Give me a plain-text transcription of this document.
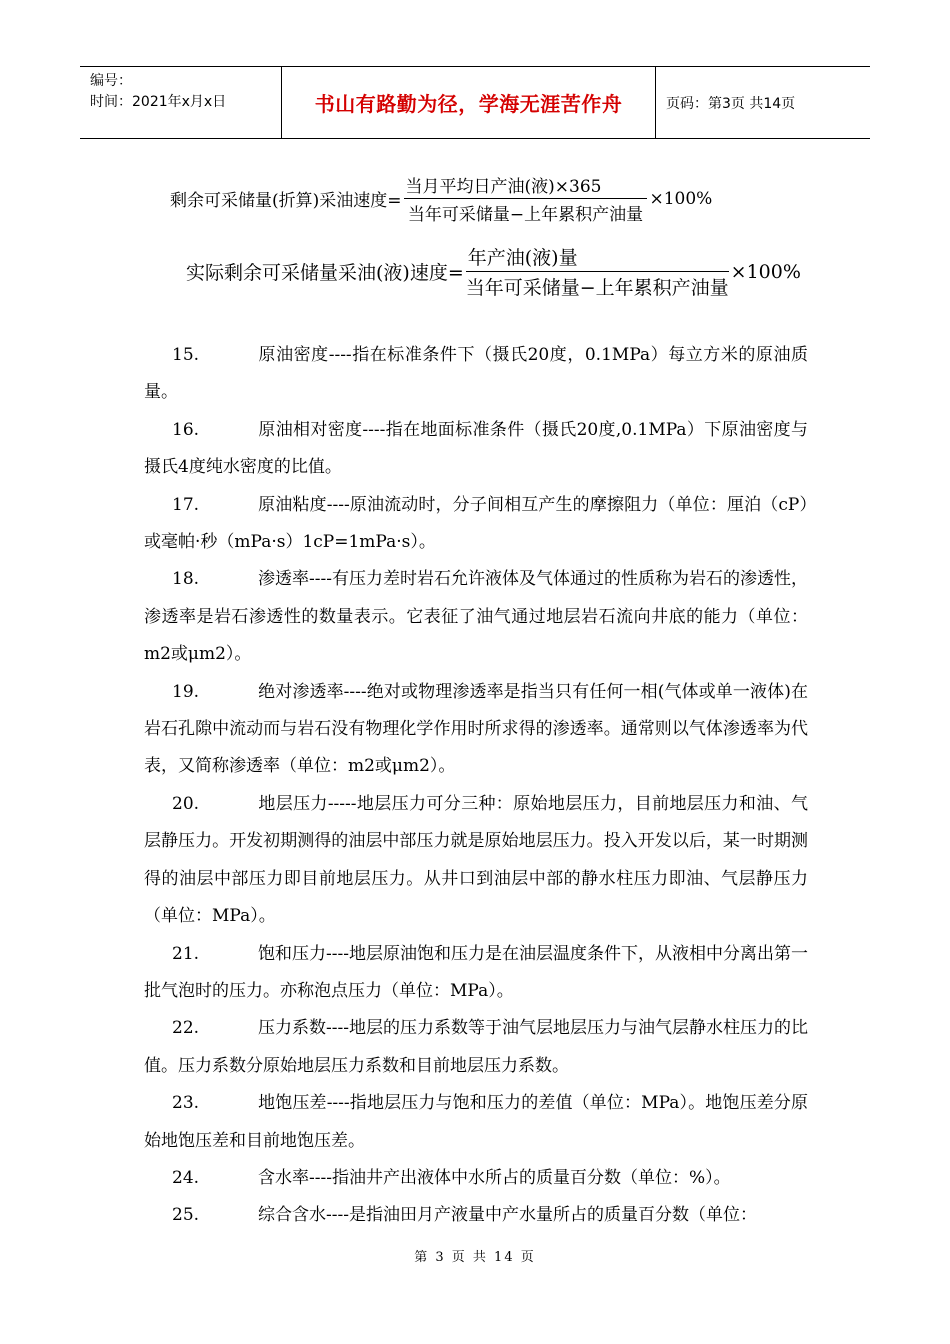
编号：
时间：2021年x月x日	书山有路勤为径，学海无涯苦作舟	页码：第3页 共14页
剩余可采储量(折算)采油速度= $\frac{\text{当月平均日产油(液)×365}}{\text{当年可采储量−上年累积产油量}} \times 100\%$
实际剩余可采储量采油(液)速度= $\frac{\text{年产油(液)量}}{\text{当年可采储量−上年累积产油量}} \times 100\%$
15.	原油密度----指在标准条件下（摄氏20度，0.1MPa）每立方米的原油质量。
16.	原油相对密度----指在地面标准条件（摄氏20度,0.1MPa）下原油密度与摄氏4度纯水密度的比值。
17.	原油粘度----原油流动时，分子间相互产生的摩擦阻力（单位：厘泊（cP）或毫帕·秒（mPa·s）1cP=1mPa·s）。
18.	渗透率----有压力差时岩石允许液体及气体通过的性质称为岩石的渗透性，渗透率是岩石渗透性的数量表示。它表征了油气通过地层岩石流向井底的能力（单位：m2或μm2）。
19.	绝对渗透率----绝对或物理渗透率是指当只有任何一相(气体或单一液体)在岩石孔隙中流动而与岩石没有物理化学作用时所求得的渗透率。通常则以气体渗透率为代表，又简称渗透率（单位：m2或μm2）。
20.	地层压力-----地层压力可分三种：原始地层压力，目前地层压力和油、气层静压力。开发初期测得的油层中部压力就是原始地层压力。投入开发以后，某一时期测得的油层中部压力即目前地层压力。从井口到油层中部的静水柱压力即油、气层静压力（单位：MPa）。
21.	饱和压力----地层原油饱和压力是在油层温度条件下，从液相中分离出第一批气泡时的压力。亦称泡点压力（单位：MPa）。
22.	压力系数----地层的压力系数等于油气层地层压力与油气层静水柱压力的比值。压力系数分原始地层压力系数和目前地层压力系数。
23.	地饱压差----指地层压力与饱和压力的差值（单位：MPa）。地饱压差分原始地饱压差和目前地饱压差。
24.	含水率----指油井产出液体中水所占的质量百分数（单位：%）。
25.	综合含水----是指油田月产液量中产水量所占的质量百分数（单位：
第 3 页 共 14 页
